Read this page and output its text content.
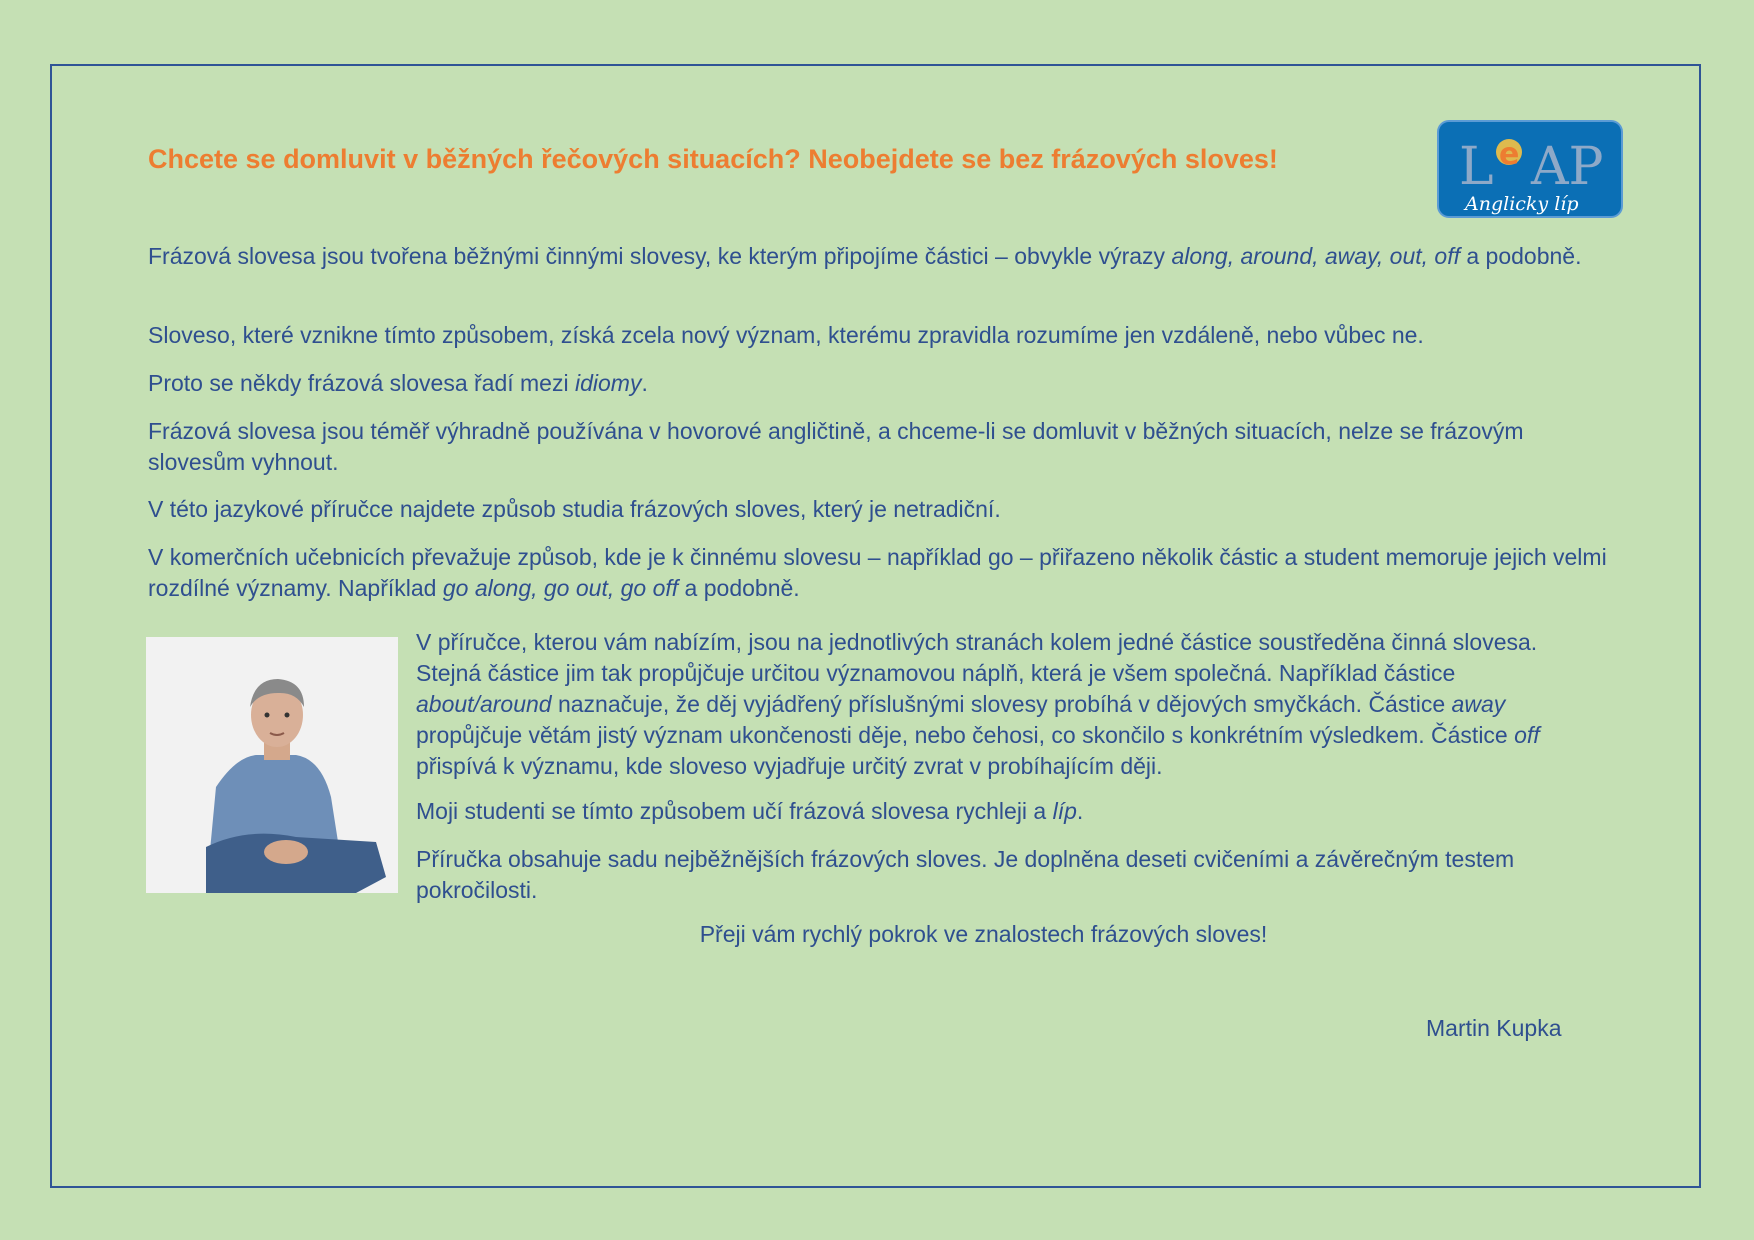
Chcete se domluvit v běžných řečových situacích? Neobejdete se bez frázových sloves!	L e AP
Anglicky líp

Frázová slovesa jsou tvořena běžnými činnými slovesy, ke kterým připojíme částici – obvykle výrazy along, around, away, out, off a podobně.

Sloveso, které vznikne tímto způsobem, získá zcela nový význam, kterému zpravidla rozumíme jen vzdáleně, nebo vůbec ne.

Proto se někdy frázová slovesa řadí mezi idiomy.

Frázová slovesa jsou téměř výhradně používána v hovorové angličtině, a chceme-li se domluvit v běžných situacích, nelze se frázovým slovesům vyhnout.

V této jazykové příručce najdete způsob studia frázových sloves, který je netradiční.

V komerčních učebnicích převažuje způsob, kde je k činnému slovesu – například go – přiřazeno několik částic a student memoruje jejich velmi rozdílné významy. Například go along, go out, go off a podobně.

V příručce, kterou vám nabízím, jsou na jednotlivých stranách kolem jedné částice soustředěna činná slovesa. Stejná částice jim tak propůjčuje určitou významovou náplň, která je všem společná. Například částice about/around naznačuje, že děj vyjádřený příslušnými slovesy probíhá v dějových smyčkách. Částice away propůjčuje větám jistý význam ukončenosti děje, nebo čehosi, co skončilo s konkrétním výsledkem. Částice off přispívá k významu, kde sloveso vyjadřuje určitý zvrat v probíhajícím ději.

Moji studenti se tímto způsobem učí frázová slovesa rychleji a líp.

Příručka obsahuje sadu nejběžnějších frázových sloves. Je doplněna deseti cvičeními a závěrečným testem pokročilosti.

Přeji vám rychlý pokrok ve znalostech frázových sloves!

Martin Kupka
